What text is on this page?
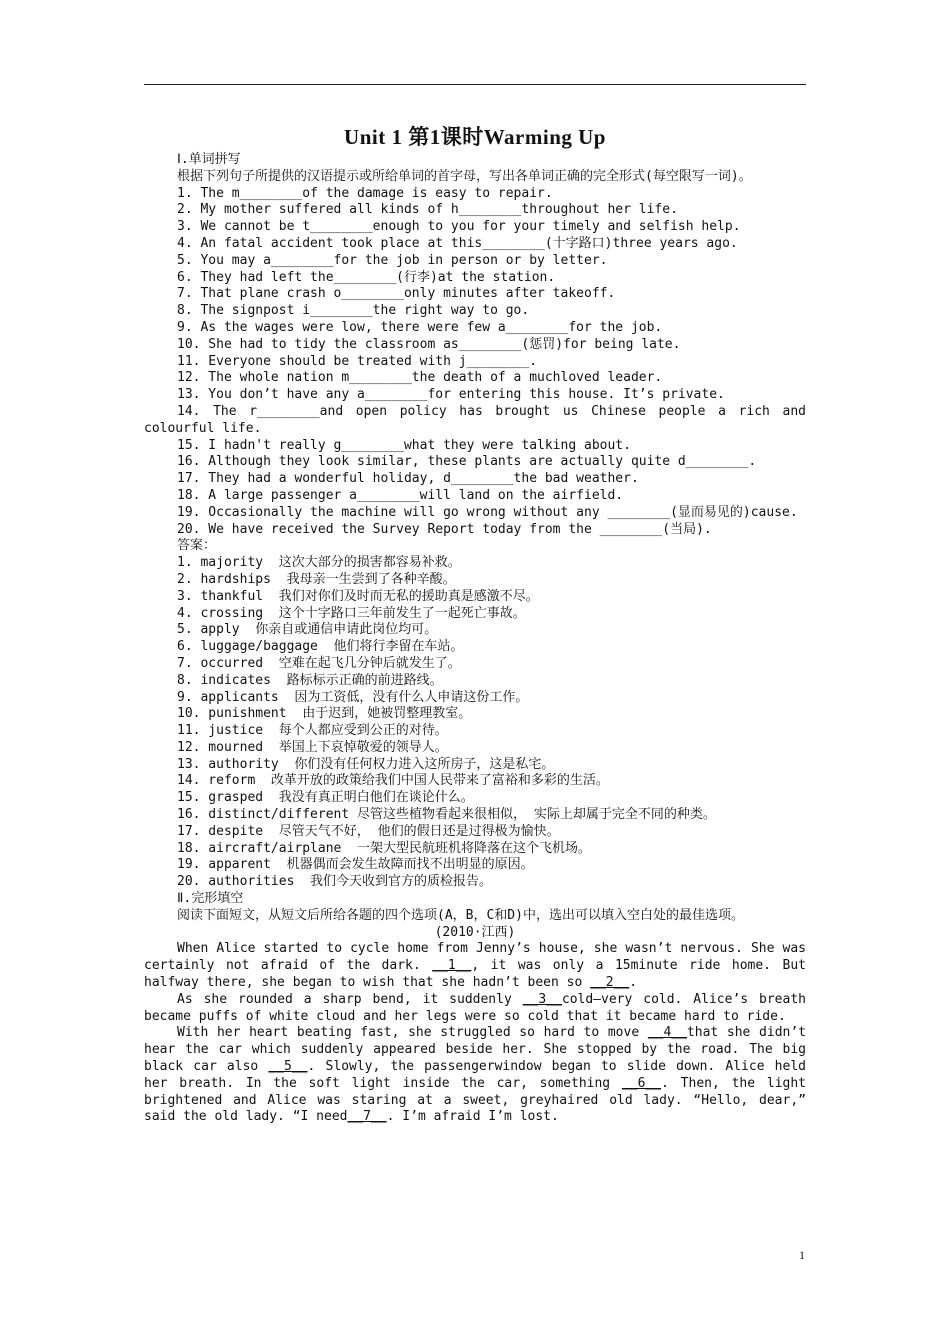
Unit 1 第1课时Warming Up
Ⅰ.单词拼写
根据下列句子所提供的汉语提示或所给单词的首字母，写出各单词正确的完全形式(每空限写一词)。
1. The m________of the damage is easy to repair.
2. My mother suffered all kinds of h________throughout her life.
3. We cannot be t________enough to you for your timely and selfish help.
4. An fatal accident took place at this________(十字路口)three years ago.
5. You may a________for the job in person or by letter.
6. They had left the________(行李)at the station.
7. That plane crash o________only minutes after takeoff.
8. The signpost i________the right way to go.
9. As the wages were low, there were few a________for the job.
10. She had to tidy the classroom as________(惩罚)for being late.
11. Everyone should be treated with j________.
12. The whole nation m________the death of a muchloved leader.
13. You don’t have any a________for entering this house. It’s private.
14. The r________and open policy has brought us Chinese people a rich and colourful life.
15. I hadn't really g________what they were talking about.
16. Although they look similar, these plants are actually quite d________.
17. They had a wonderful holiday, d________the bad weather.
18. A large passenger a________will land on the airfield.
19. Occasionally the machine will go wrong without any ________(显而易见的)cause.
20. We have received the Survey Report today from the ________(当局).
答案：
1. majority  这次大部分的损害都容易补救。
2. hardships  我母亲一生尝到了各种辛酸。
3. thankful  我们对你们及时而无私的援助真是感激不尽。
4. crossing  这个十字路口三年前发生了一起死亡事故。
5. apply  你亲自或通信申请此岗位均可。
6. luggage/baggage  他们将行李留在车站。
7. occurred  空难在起飞几分钟后就发生了。
8. indicates  路标标示正确的前进路线。
9. applicants  因为工资低，没有什么人申请这份工作。
10. punishment  由于迟到，她被罚整理教室。
11. justice  每个人都应受到公正的对待。
12. mourned  举国上下哀悼敬爱的领导人。
13. authority  你们没有任何权力进入这所房子，这是私宅。
14. reform  改革开放的政策给我们中国人民带来了富裕和多彩的生活。
15. grasped  我没有真正明白他们在谈论什么。
16. distinct/different 尽管这些植物看起来很相似， 实际上却属于完全不同的种类。
17. despite  尽管天气不好， 他们的假日还是过得极为愉快。
18. aircraft/airplane  一架大型民航班机将降落在这个飞机场。
19. apparent  机器偶而会发生故障而找不出明显的原因。
20. authorities  我们今天收到官方的质检报告。
Ⅱ.完形填空
阅读下面短文，从短文后所给各题的四个选项(A，B，C和D)中，选出可以填入空白处的最佳选项。
(2010·江西)
When Alice started to cycle home from Jenny’s house, she wasn’t nervous. She was certainly not afraid of the dark. __1__, it was only a 15minute ride home. But halfway there, she began to wish that she hadn’t been so __2__.
As she rounded a sharp bend, it suddenly __3__cold—very cold. Alice’s breath became puffs of white cloud and her legs were so cold that it became hard to ride.
With her heart beating fast, she struggled so hard to move __4__that she didn’t hear the car which suddenly appeared beside her. She stopped by the road. The big black car also __5__. Slowly, the passengerwindow began to slide down. Alice held her breath. In the soft light inside the car, something __6__. Then, the light brightened and Alice was staring at a sweet, greyhaired old lady. “Hello, dear,” said the old lady. “I need__7__. I’m afraid I’m lost.
1
